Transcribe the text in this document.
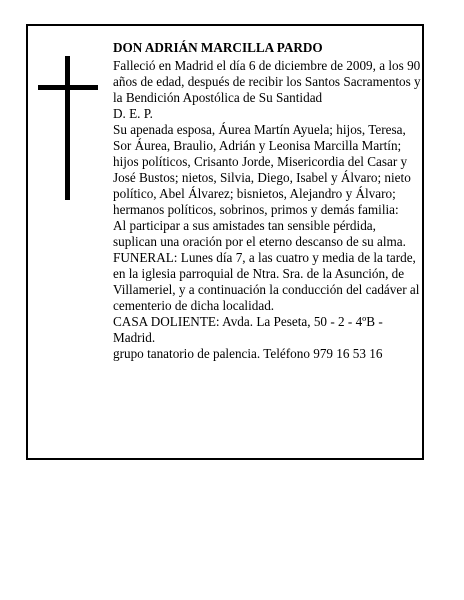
DON ADRIÁN MARCILLA PARDO

Falleció en Madrid el día 6 de diciembre de 2009, a los 90 años de edad, después de recibir los Santos Sacramentos y la Bendición Apostólica de Su Santidad

D. E. P.

Su apenada esposa, Áurea Martín Ayuela; hijos, Teresa, Sor Áurea, Braulio, Adrián y Leonisa Marcilla Martín; hijos políticos, Crisanto Jorde, Misericordia del Casar y José Bustos; nietos, Silvia, Diego, Isabel y Álvaro; nieto político, Abel Álvarez; bisnietos, Alejandro y Álvaro; hermanos políticos, sobrinos, primos y demás familia:

Al participar a sus amistades tan sensible pérdida, suplican una oración por el eterno descanso de su alma.

FUNERAL: Lunes día 7, a las cuatro y media de la tarde, en la iglesia parroquial de Ntra. Sra. de la Asunción, de Villameriel, y a continuación la conducción del cadáver al cementerio de dicha localidad.

CASA DOLIENTE: Avda. La Peseta, 50 - 2 - 4ºB - Madrid.

grupo tanatorio de palencia. Teléfono 979 16 53 16
